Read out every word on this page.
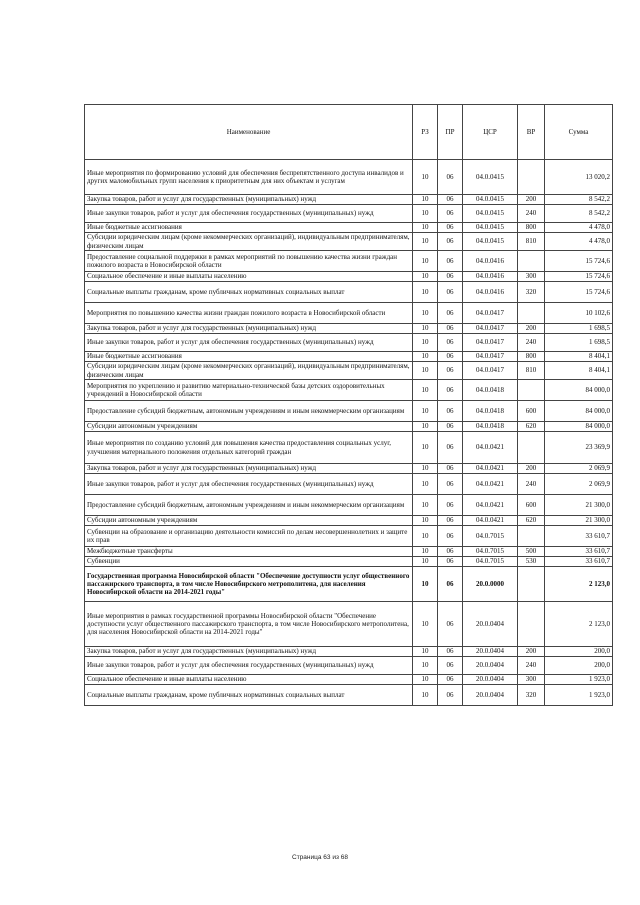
Наименование	РЗ	ПР	ЦСР	ВР	Сумма
Иные мероприятия по формированию условий для обеспечения беспрепятственного доступа инвалидов и других маломобильных групп населения к приоритетным для них объектам и услугам	10	06	04.0.0415		13 020,2
Закупка товаров, работ и услуг для государственных (муниципальных) нужд	10	06	04.0.0415	200	8 542,2
Иные закупки товаров, работ и услуг для обеспечения государственных (муниципальных) нужд	10	06	04.0.0415	240	8 542,2
Иные бюджетные ассигнования	10	06	04.0.0415	800	4 478,0
Субсидии юридическим лицам (кроме некоммерческих организаций), индивидуальным предпринимателям, физическим лицам	10	06	04.0.0415	810	4 478,0
Предоставление социальной поддержки в рамках мероприятий по повышению качества жизни граждан пожилого возраста в Новосибирской области	10	06	04.0.0416		15 724,6
Социальное обеспечение и иные выплаты населению	10	06	04.0.0416	300	15 724,6
Социальные выплаты гражданам, кроме публичных нормативных социальных выплат	10	06	04.0.0416	320	15 724,6
Мероприятия по повышению качества жизни граждан пожилого возраста в Новосибирской области	10	06	04.0.0417		10 102,6
Закупка товаров, работ и услуг для государственных (муниципальных) нужд	10	06	04.0.0417	200	1 698,5
Иные закупки товаров, работ и услуг для обеспечения государственных (муниципальных) нужд	10	06	04.0.0417	240	1 698,5
Иные бюджетные ассигнования	10	06	04.0.0417	800	8 404,1
Субсидии юридическим лицам (кроме некоммерческих организаций), индивидуальным предпринимателям, физическим лицам	10	06	04.0.0417	810	8 404,1
Мероприятия по укреплению и развитию материально-технической базы детских оздоровительных учреждений в Новосибирской области	10	06	04.0.0418		84 000,0
Предоставление субсидий бюджетным, автономным учреждениям и иным некоммерческим организациям	10	06	04.0.0418	600	84 000,0
Субсидии автономным учреждениям	10	06	04.0.0418	620	84 000,0
Иные мероприятия по созданию условий для повышения качества предоставления социальных услуг, улучшения материального положения отдельных категорий граждан	10	06	04.0.0421		23 369,9
Закупка товаров, работ и услуг для государственных (муниципальных) нужд	10	06	04.0.0421	200	2 069,9
Иные закупки товаров, работ и услуг для обеспечения государственных (муниципальных) нужд	10	06	04.0.0421	240	2 069,9
Предоставление субсидий бюджетным, автономным учреждениям и иным некоммерческим организациям	10	06	04.0.0421	600	21 300,0
Субсидии автономным учреждениям	10	06	04.0.0421	620	21 300,0
Субвенции на образование и организацию деятельности комиссий по делам несовершеннолетних и защите их прав	10	06	04.0.7015		33 610,7
Межбюджетные трансферты	10	06	04.0.7015	500	33 610,7
Субвенции	10	06	04.0.7015	530	33 610,7
Государственная программа Новосибирской области "Обеспечение доступности услуг общественного пассажирского транспорта, в том числе Новосибирского метрополитена, для населения Новосибирской области на 2014-2021 годы"	10	06	20.0.0000		2 123,0
Иные мероприятия в рамках государственной программы Новосибирской области "Обеспечение доступности услуг общественного пассажирского транспорта, в том числе Новосибирского метрополитена, для населения Новосибирской области на 2014-2021 годы"	10	06	20.0.0404		2 123,0
Закупка товаров, работ и услуг для государственных (муниципальных) нужд	10	06	20.0.0404	200	200,0
Иные закупки товаров, работ и услуг для обеспечения государственных (муниципальных) нужд	10	06	20.0.0404	240	200,0
Социальное обеспечение и иные выплаты населению	10	06	20.0.0404	300	1 923,0
Социальные выплаты гражданам, кроме публичных нормативных социальных выплат	10	06	20.0.0404	320	1 923,0
Страница 63 из 68
